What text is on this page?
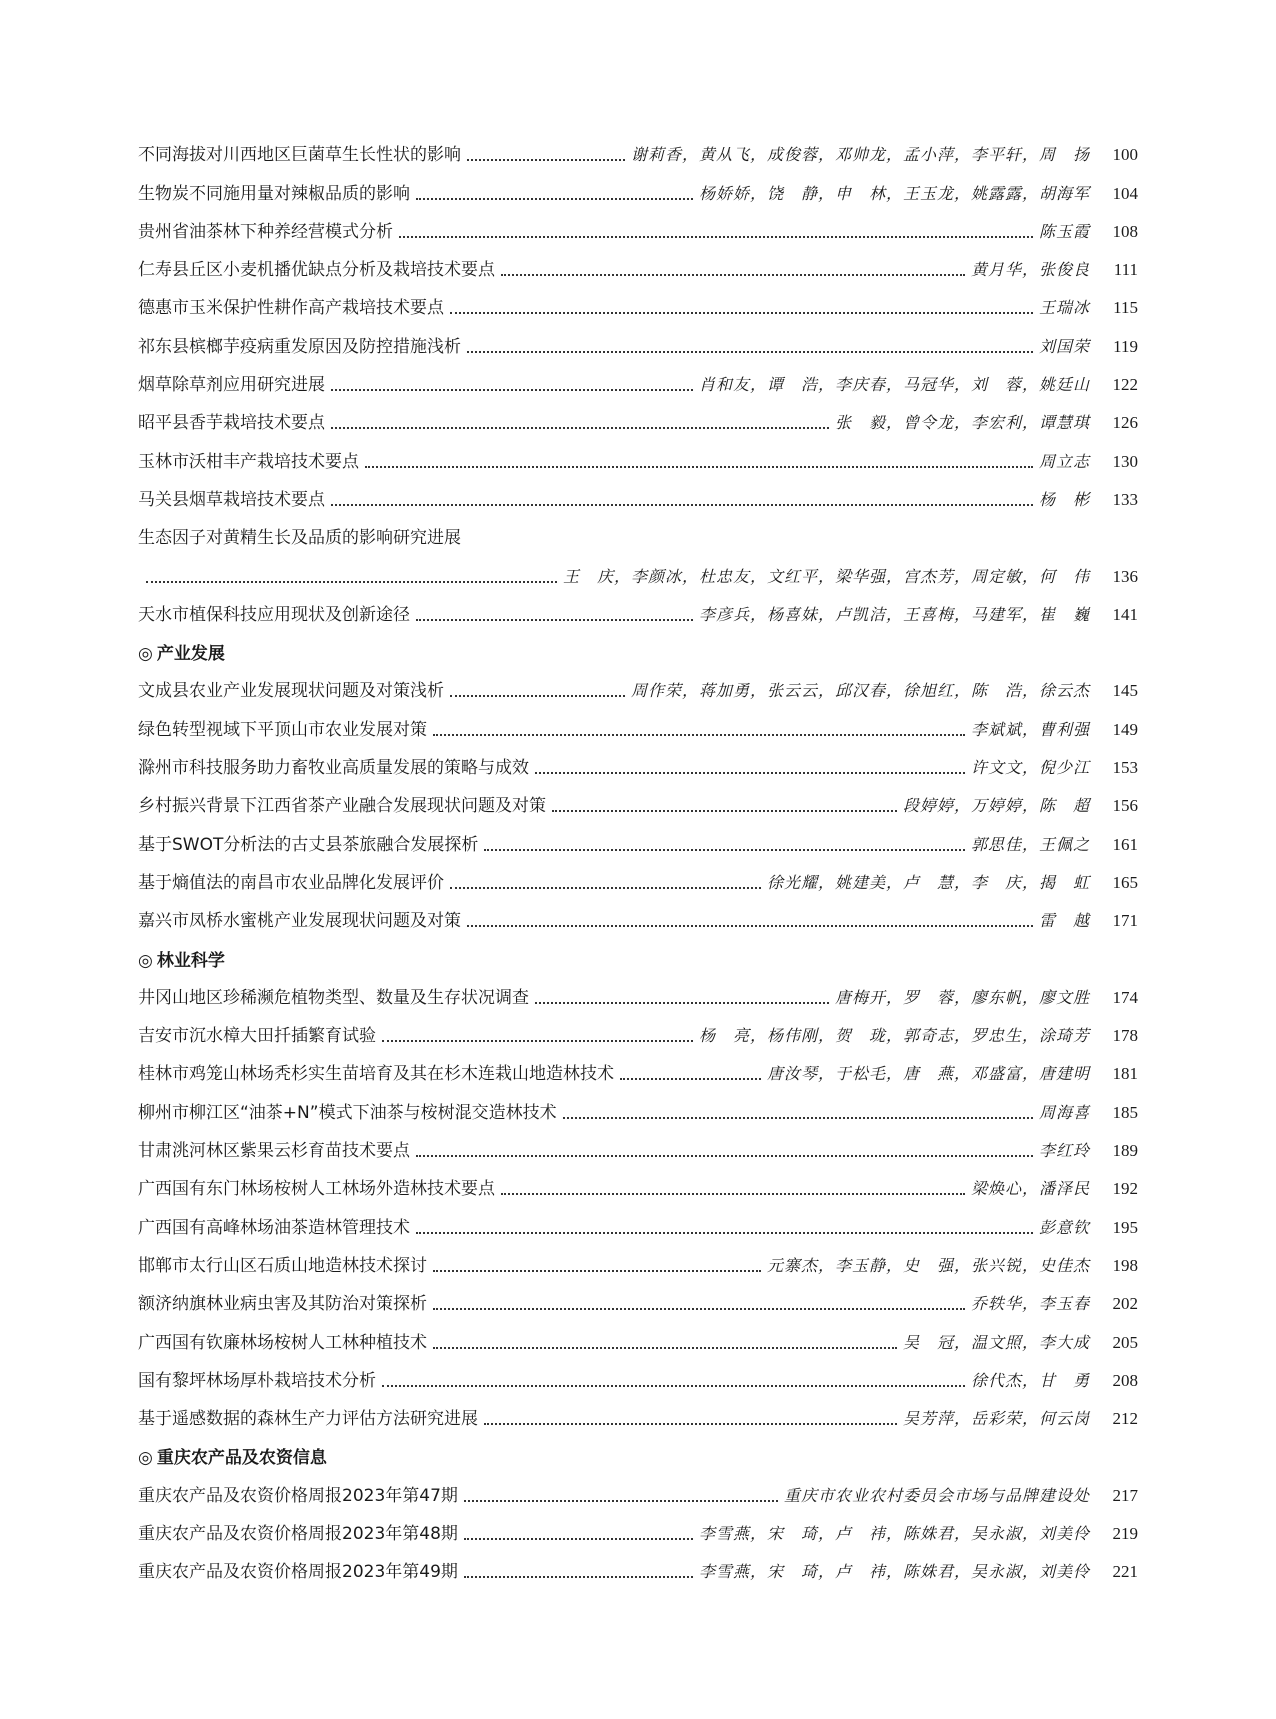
不同海拔对川西地区巨菌草生长性状的影响	谢莉香，黄从飞，成俊蓉，邓帅龙，孟小萍，李平轩，周　扬	100
生物炭不同施用量对辣椒品质的影响	杨娇娇，饶　静，申　林，王玉龙，姚露露，胡海军	104
贵州省油茶林下种养经营模式分析	陈玉霞	108
仁寿县丘区小麦机播优缺点分析及栽培技术要点	黄月华，张俊良	111
德惠市玉米保护性耕作高产栽培技术要点	王瑞冰	115
祁东县槟榔芋疫病重发原因及防控措施浅析	刘国荣	119
烟草除草剂应用研究进展	肖和友，谭　浩，李庆春，马冠华，刘　蓉，姚廷山	122
昭平县香芋栽培技术要点	张　毅，曾令龙，李宏利，谭慧琪	126
玉林市沃柑丰产栽培技术要点	周立志	130
马关县烟草栽培技术要点	杨　彬	133
生态因子对黄精生长及品质的影响研究进展
王　庆，李颜冰，杜忠友，文红平，梁华强，宫杰芳，周定敏，何　伟	136
天水市植保科技应用现状及创新途径	李彦兵，杨喜妹，卢凯洁，王喜梅，马建军，崔　巍	141
◎ 产业发展
文成县农业产业发展现状问题及对策浅析	周作荣，蒋加勇，张云云，邱汉春，徐旭红，陈　浩，徐云杰	145
绿色转型视域下平顶山市农业发展对策	李斌斌，曹利强	149
滁州市科技服务助力畜牧业高质量发展的策略与成效	许文文，倪少江	153
乡村振兴背景下江西省茶产业融合发展现状问题及对策	段婷婷，万婷婷，陈　超	156
基于SWOT分析法的古丈县茶旅融合发展探析	郭思佳，王佩之	161
基于熵值法的南昌市农业品牌化发展评价	徐光耀，姚建美，卢　慧，李　庆，揭　虹	165
嘉兴市凤桥水蜜桃产业发展现状问题及对策	雷　越	171
◎ 林业科学
井冈山地区珍稀濒危植物类型、数量及生存状况调查	唐梅开，罗　蓉，廖东帆，廖文胜	174
吉安市沉水樟大田扦插繁育试验	杨　亮，杨伟刚，贺　珑，郭奇志，罗忠生，涂琦芳	178
桂林市鸡笼山林场秃杉实生苗培育及其在杉木连栽山地造林技术	唐汝琴，于松毛，唐　燕，邓盛富，唐建明	181
柳州市柳江区“油茶+N”模式下油茶与桉树混交造林技术	周海喜	185
甘肃洮河林区紫果云杉育苗技术要点	李红玲	189
广西国有东门林场桉树人工林场外造林技术要点	梁焕心，潘泽民	192
广西国有高峰林场油茶造林管理技术	彭意钦	195
邯郸市太行山区石质山地造林技术探讨	元寨杰，李玉静，史　强，张兴锐，史佳杰	198
额济纳旗林业病虫害及其防治对策探析	乔轶华，李玉春	202
广西国有钦廉林场桉树人工林种植技术	吴　冠，温文照，李大成	205
国有黎坪林场厚朴栽培技术分析	徐代杰，甘　勇	208
基于遥感数据的森林生产力评估方法研究进展	吴芳萍，岳彩荣，何云岗	212
◎ 重庆农产品及农资信息
重庆农产品及农资价格周报2023年第47期	重庆市农业农村委员会市场与品牌建设处	217
重庆农产品及农资价格周报2023年第48期	李雪燕，宋　琦，卢　祎，陈姝君，吴永淑，刘美伶	219
重庆农产品及农资价格周报2023年第49期	李雪燕，宋　琦，卢　祎，陈姝君，吴永淑，刘美伶	221
